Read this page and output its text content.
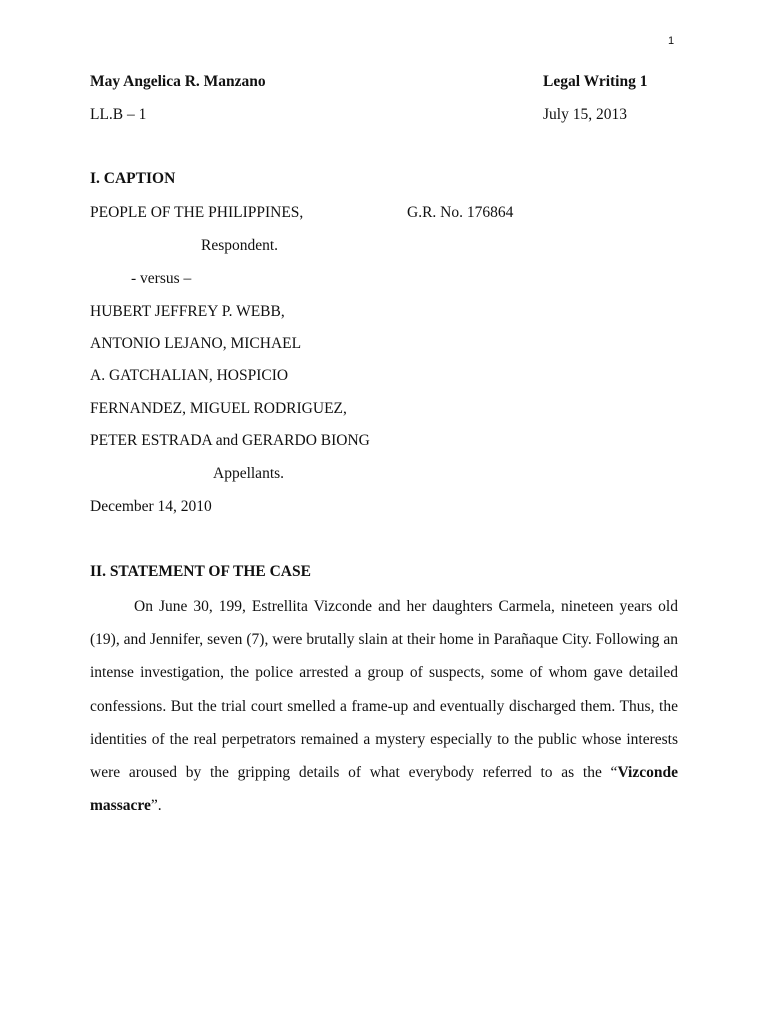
1
May Angelica R. Manzano	Legal Writing 1
LL.B – 1	July 15, 2013
I. CAPTION
PEOPLE OF THE PHILIPPINES,	G.R. No. 176864
Respondent.
- versus –
HUBERT JEFFREY P. WEBB,
ANTONIO LEJANO, MICHAEL
A. GATCHALIAN, HOSPICIO
FERNANDEZ, MIGUEL RODRIGUEZ,
PETER ESTRADA and GERARDO BIONG
Appellants.
December 14, 2010
II. STATEMENT OF THE CASE
On June 30, 199, Estrellita Vizconde and her daughters Carmela, nineteen years old (19), and Jennifer, seven (7), were brutally slain at their home in Parañaque City. Following an intense investigation, the police arrested a group of suspects, some of whom gave detailed confessions. But the trial court smelled a frame-up and eventually discharged them. Thus, the identities of the real perpetrators remained a mystery especially to the public whose interests were aroused by the gripping details of what everybody referred to as the “Vizconde massacre”.
